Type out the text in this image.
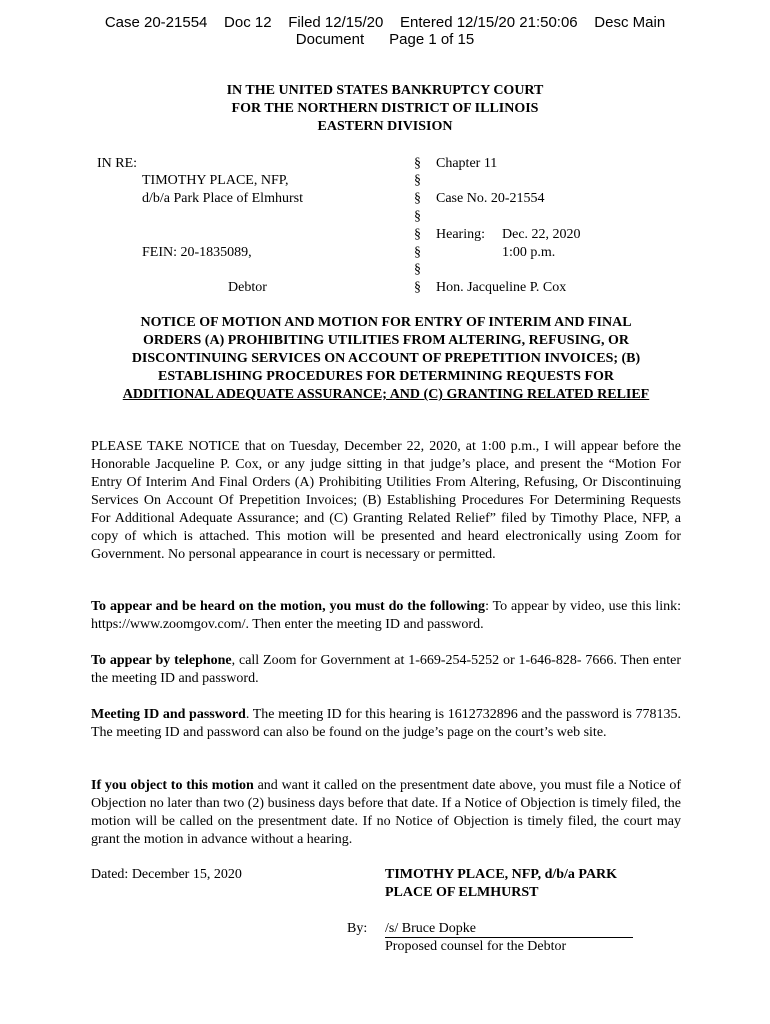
Case 20-21554    Doc 12    Filed 12/15/20    Entered 12/15/20 21:50:06    Desc Main
Document      Page 1 of 15
IN THE UNITED STATES BANKRUPTCY COURT
FOR THE NORTHERN DISTRICT OF ILLINOIS
EASTERN DIVISION
IN RE:
TIMOTHY PLACE, NFP,
d/b/a Park Place of Elmhurst
FEIN: 20-1835089,
Debtor
§
§
§
§
§
§
§
§
Chapter 11
Case No. 20-21554
Hearing: Dec. 22, 2020
1:00 p.m.
Hon. Jacqueline P. Cox
NOTICE OF MOTION AND MOTION FOR ENTRY OF INTERIM AND FINAL
ORDERS (A) PROHIBITING UTILITIES FROM ALTERING, REFUSING, OR
DISCONTINUING SERVICES ON ACCOUNT OF PREPETITION INVOICES; (B)
ESTABLISHING PROCEDURES FOR DETERMINING REQUESTS FOR
ADDITIONAL ADEQUATE ASSURANCE; AND (C) GRANTING RELATED RELIEF
PLEASE TAKE NOTICE that on Tuesday, December 22, 2020, at 1:00 p.m., I will appear before the Honorable Jacqueline P. Cox, or any judge sitting in that judge’s place, and present the “Motion For Entry Of Interim And Final Orders (A) Prohibiting Utilities From Altering, Refusing, Or Discontinuing Services On Account Of Prepetition Invoices; (B) Establishing Procedures For Determining Requests For Additional Adequate Assurance; and (C) Granting Related Relief” filed by Timothy Place, NFP, a copy of which is attached. This motion will be presented and heard electronically using Zoom for Government. No personal appearance in court is necessary or permitted.
To appear and be heard on the motion, you must do the following: To appear by video, use this link: https://www.zoomgov.com/. Then enter the meeting ID and password.
To appear by telephone, call Zoom for Government at 1-669-254-5252 or 1-646-828- 7666. Then enter the meeting ID and password.
Meeting ID and password. The meeting ID for this hearing is 1612732896 and the password is 778135. The meeting ID and password can also be found on the judge’s page on the court’s web site.
If you object to this motion and want it called on the presentment date above, you must file a Notice of Objection no later than two (2) business days before that date. If a Notice of Objection is timely filed, the motion will be called on the presentment date. If no Notice of Objection is timely filed, the court may grant the motion in advance without a hearing.
Dated: December 15, 2020	TIMOTHY PLACE, NFP, d/b/a PARK
PLACE OF ELMHURST
By: /s/ Bruce Dopke
Proposed counsel for the Debtor
